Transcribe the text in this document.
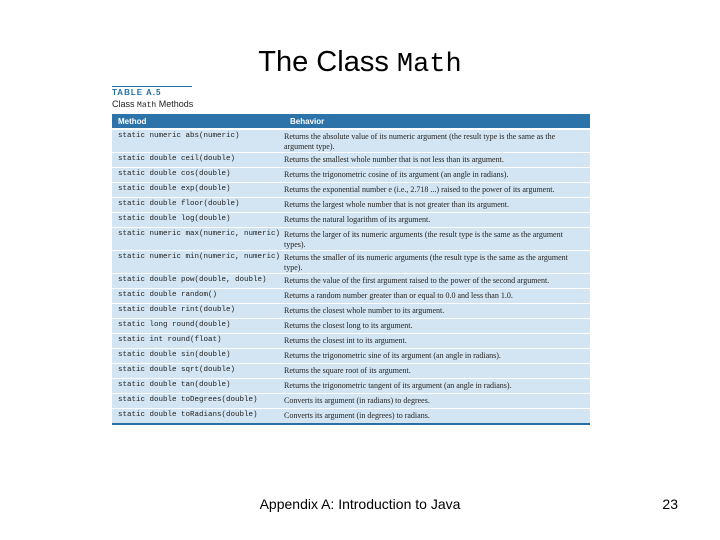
The Class Math
TABLE A.5
Class Math Methods
Method	Behavior
static numeric abs(numeric)	Returns the absolute value of its numeric argument (the result type is the same as the argument type).
static double ceil(double)	Returns the smallest whole number that is not less than its argument.
static double cos(double)	Returns the trigonometric cosine of its argument (an angle in radians).
static double exp(double)	Returns the exponential number e (i.e., 2.718 ...) raised to the power of its argument.
static double floor(double)	Returns the largest whole number that is not greater than its argument.
static double log(double)	Returns the natural logarithm of its argument.
static numeric max(numeric, numeric) Returns the larger of its numeric arguments (the result type is the same as the argument types).
static numeric min(numeric, numeric) Returns the smaller of its numeric arguments (the result type is the same as the argument type).
static double pow(double, double)	Returns the value of the first argument raised to the power of the second argument.
static double random()	Returns a random number greater than or equal to 0.0 and less than 1.0.
static double rint(double)	Returns the closest whole number to its argument.
static long round(double)	Returns the closest long to its argument.
static int round(float)	Returns the closest int to its argument.
static double sin(double)	Returns the trigonometric sine of its argument (an angle in radians).
static double sqrt(double)	Returns the square root of its argument.
static double tan(double)	Returns the trigonometric tangent of its argument (an angle in radians).
static double toDegrees(double)	Converts its argument (in radians) to degrees.
static double toRadians(double)	Converts its argument (in degrees) to radians.
Appendix A: Introduction to Java	23
